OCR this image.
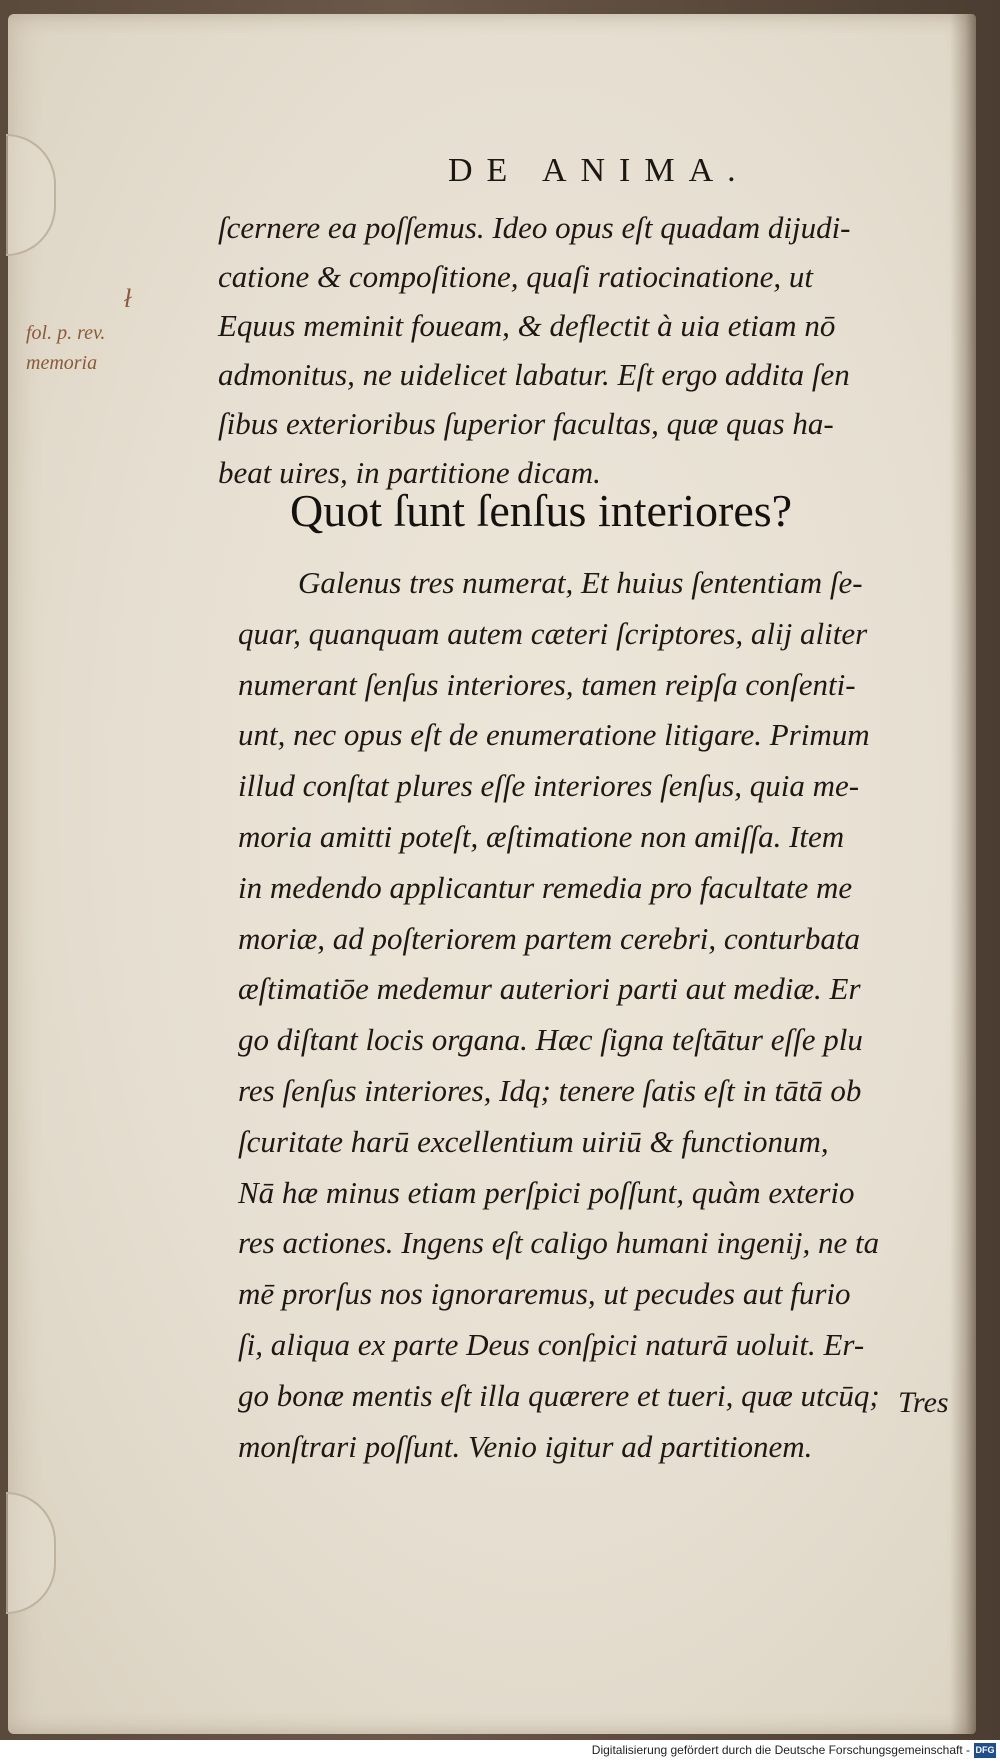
DE ANIMA.
ł
fol. p. rev.
memoria
ſcernere ea poſſemus. Ideo opus eſt quadam dijudi-
catione & compoſitione, quaſi ratiocinatione, ut
Equus meminit foueam, & deflectit à uia etiam nō
admonitus, ne uidelicet labatur. Eſt ergo addita ſen
ſibus exterioribus ſuperior facultas, quæ quas ha-
beat uires, in partitione dicam.
Quot ſunt ſenſus interiores?
Galenus tres numerat, Et huius ſententiam ſe-
quar, quanquam autem cæteri ſcriptores, alij aliter
numerant ſenſus interiores, tamen reipſa conſenti-
unt, nec opus eſt de enumeratione litigare. Primum
illud conſtat plures eſſe interiores ſenſus, quia me-
moria amitti poteſt, æſtimatione non amiſſa. Item
in medendo applicantur remedia pro facultate me
moriæ, ad poſteriorem partem cerebri, conturbata
æſtimatiōe medemur auteriori parti aut mediæ. Er
go diſtant locis organa. Hæc ſigna teſtātur eſſe plu
res ſenſus interiores, Idq; tenere ſatis eſt in tātā ob
ſcuritate harū excellentium uiriū & functionum,
Nā hæ minus etiam perſpici poſſunt, quàm exterio
res actiones. Ingens eſt caligo humani ingenij, ne ta
mē prorſus nos ignoraremus, ut pecudes aut furio
ſi, aliqua ex parte Deus conſpici naturā uoluit. Er-
go bonæ mentis eſt illa quærere et tueri, quæ utcūq;
monſtrari poſſunt. Venio igitur ad partitionem.
Tres
Digitalisierung gefördert durch die Deutsche Forschungsgemeinschaft - DFG
